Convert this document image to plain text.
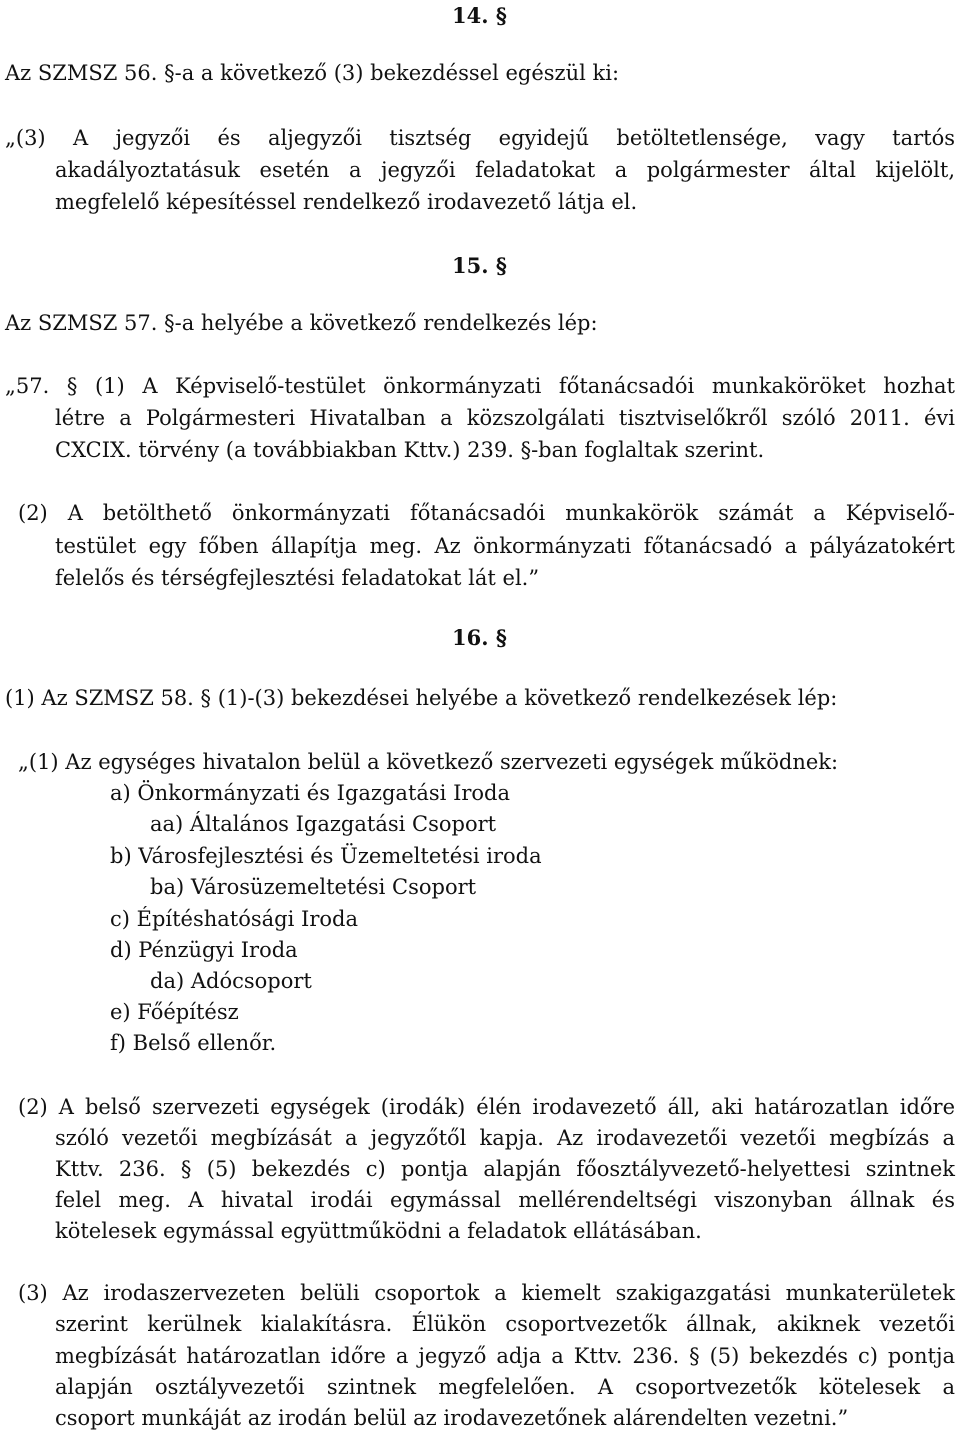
14. §
Az SZMSZ 56. §-a a következő (3) bekezdéssel egészül ki:
„(3) A jegyzői és aljegyzői tisztség egyidejű betöltetlensége, vagy tartós
akadályoztatásuk esetén a jegyzői feladatokat a polgármester által kijelölt,
megfelelő képesítéssel rendelkező irodavezető látja el.
15. §
Az SZMSZ 57. §-a helyébe a következő rendelkezés lép:
„57. § (1) A Képviselő-testület önkormányzati főtanácsadói munkaköröket hozhat
létre a Polgármesteri Hivatalban a közszolgálati tisztviselőkről szóló 2011. évi
CXCIX. törvény (a továbbiakban Kttv.) 239. §-ban foglaltak szerint.
(2) A betölthető önkormányzati főtanácsadói munkakörök számát a Képviselő-
testület egy főben állapítja meg. Az önkormányzati főtanácsadó a pályázatokért
felelős és térségfejlesztési feladatokat lát el.”
16. §
(1) Az SZMSZ 58. § (1)-(3) bekezdései helyébe a következő rendelkezések lép:
„(1) Az egységes hivatalon belül a következő szervezeti egységek működnek:
a) Önkormányzati és Igazgatási Iroda
aa) Általános Igazgatási Csoport
b) Városfejlesztési és Üzemeltetési iroda
ba) Városüzemeltetési Csoport
c) Építéshatósági Iroda
d) Pénzügyi Iroda
da) Adócsoport
e) Főépítész
f) Belső ellenőr.
(2) A belső szervezeti egységek (irodák) élén irodavezető áll, aki határozatlan időre
szóló vezetői megbízását a jegyzőtől kapja. Az irodavezetői vezetői megbízás a
Kttv. 236. § (5) bekezdés c) pontja alapján főosztályvezető-helyettesi szintnek
felel meg. A hivatal irodái egymással mellérendeltségi viszonyban állnak és
kötelesek egymással együttműködni a feladatok ellátásában.
(3) Az irodaszervezeten belüli csoportok a kiemelt szakigazgatási munkaterületek
szerint kerülnek kialakításra. Élükön csoportvezetők állnak, akiknek vezetői
megbízását határozatlan időre a jegyző adja a Kttv. 236. § (5) bekezdés c) pontja
alapján osztályvezetői szintnek megfelelően. A csoportvezetők kötelesek a
csoport munkáját az irodán belül az irodavezetőnek alárendelten vezetni.”
